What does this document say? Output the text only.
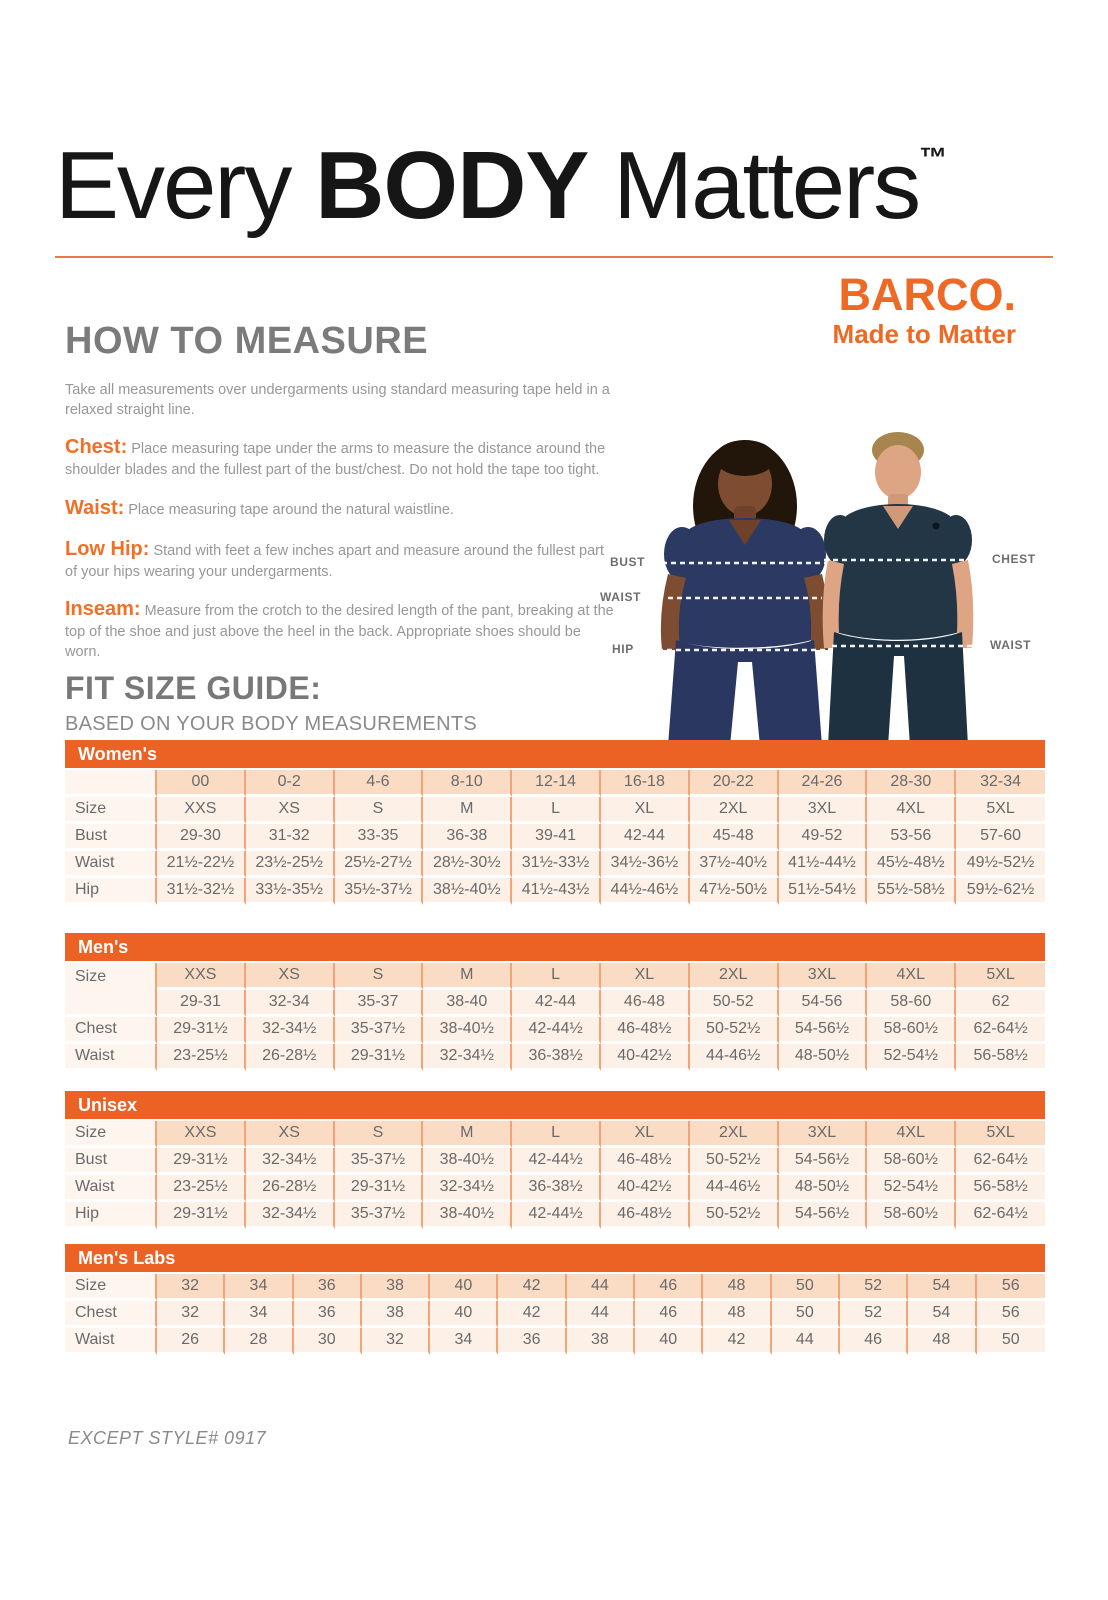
Every BODY Matters™
BARCO.
Made to Matter
HOW TO MEASURE

Take all measurements over undergarments using standard measuring tape held in a relaxed straight line.

Chest: Place measuring tape under the arms to measure the distance around the shoulder blades and the fullest part of the bust/chest. Do not hold the tape too tight.

Waist: Place measuring tape around the natural waistline.

Low Hip: Stand with feet a few inches apart and measure around the fullest part of your hips wearing your undergarments.

Inseam: Measure from the crotch to the desired length of the pant, breaking at the top of the shoe and just above the heel in the back. Appropriate shoes should be worn.

BUST
WAIST
HIP
CHEST
WAIST
FIT SIZE GUIDE:
BASED ON YOUR BODY MEASUREMENTS
Women's
	00	0-2	4-6	8-10	12-14	16-18	20-22	24-26	28-30	32-34
Size	XXS	XS	S	M	L	XL	2XL	3XL	4XL	5XL
Bust	29-30	31-32	33-35	36-38	39-41	42-44	45-48	49-52	53-56	57-60
Waist	21½-22½	23½-25½	25½-27½	28½-30½	31½-33½	34½-36½	37½-40½	41½-44½	45½-48½	49½-52½
Hip	31½-32½	33½-35½	35½-37½	38½-40½	41½-43½	44½-46½	47½-50½	51½-54½	55½-58½	59½-62½
Men's
Size	XXS	XS	S	M	L	XL	2XL	3XL	4XL	5XL
	29-31	32-34	35-37	38-40	42-44	46-48	50-52	54-56	58-60	62
Chest	29-31½	32-34½	35-37½	38-40½	42-44½	46-48½	50-52½	54-56½	58-60½	62-64½
Waist	23-25½	26-28½	29-31½	32-34½	36-38½	40-42½	44-46½	48-50½	52-54½	56-58½
Unisex
Size	XXS	XS	S	M	L	XL	2XL	3XL	4XL	5XL
Bust	29-31½	32-34½	35-37½	38-40½	42-44½	46-48½	50-52½	54-56½	58-60½	62-64½
Waist	23-25½	26-28½	29-31½	32-34½	36-38½	40-42½	44-46½	48-50½	52-54½	56-58½
Hip	29-31½	32-34½	35-37½	38-40½	42-44½	46-48½	50-52½	54-56½	58-60½	62-64½
Men's Labs
Size	32	34	36	38	40	42	44	46	48	50	52	54	56
Chest	32	34	36	38	40	42	44	46	48	50	52	54	56
Waist	26	28	30	32	34	36	38	40	42	44	46	48	50
EXCEPT STYLE# 0917
